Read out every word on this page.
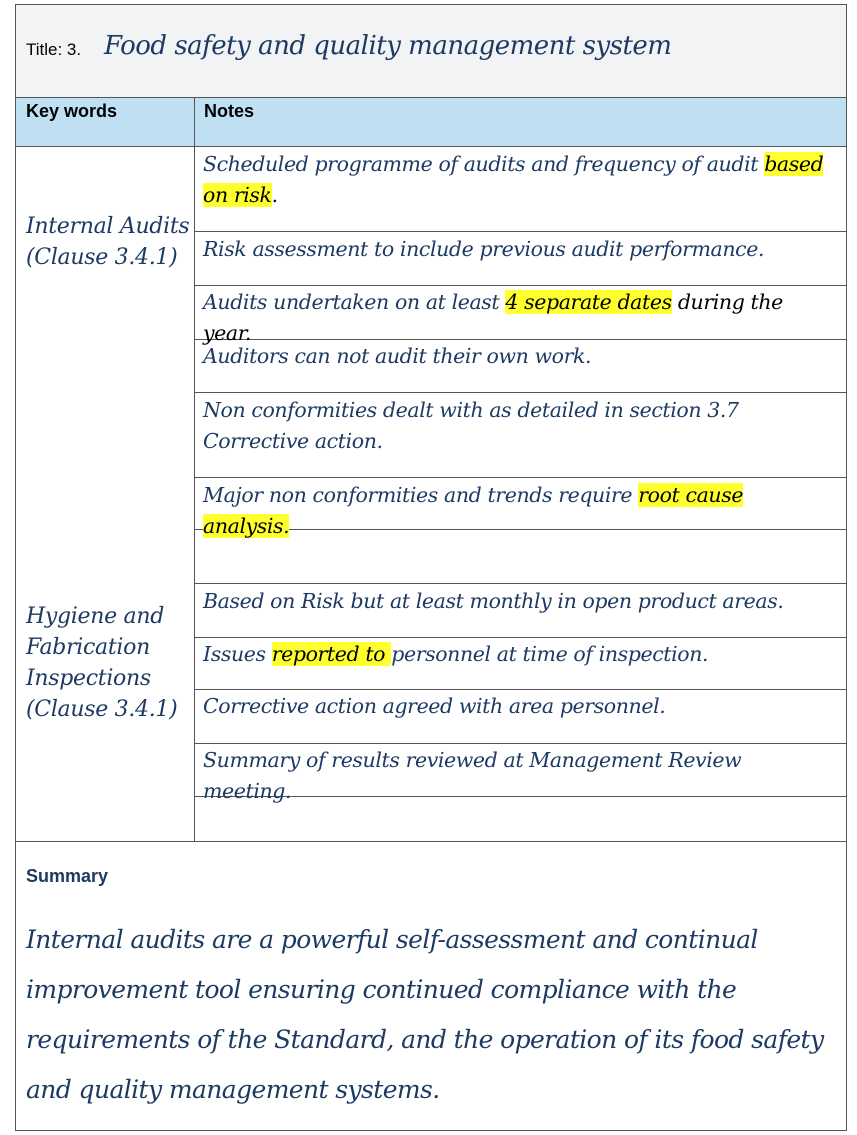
Title: 3. Food safety and quality management system
Key words	Notes
Internal Audits
(Clause 3.4.1)
Hygiene and
Fabrication
Inspections
(Clause 3.4.1)
Scheduled programme of audits and frequency of audit based on risk.
Risk assessment to include previous audit performance.
Audits undertaken on at least 4 separate dates during the year.
Auditors can not audit their own work.
Non conformities dealt with as detailed in section 3.7 Corrective action.
Major non conformities and trends require root cause analysis.
Based on Risk but at least monthly in open product areas.
Issues reported to personnel at time of inspection.
Corrective action agreed with area personnel.
Summary of results reviewed at Management Review meeting.
Summary
Internal audits are a powerful self-assessment and continual improvement tool ensuring continued compliance with the requirements of the Standard, and the operation of its food safety and quality management systems.
